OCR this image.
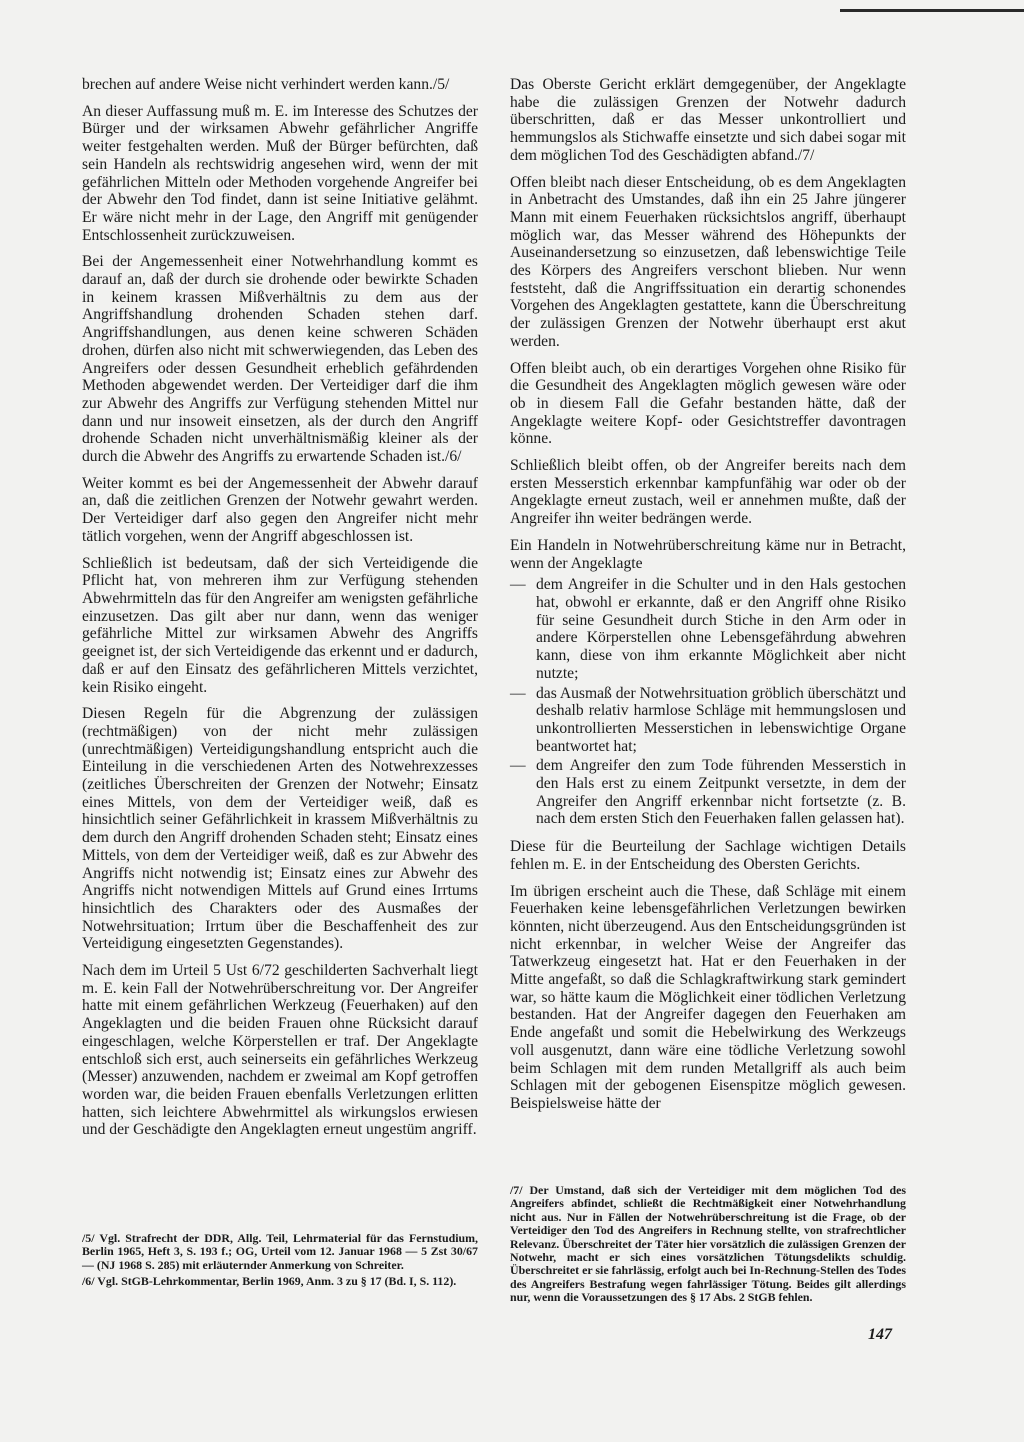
brechen auf andere Weise nicht verhindert werden kann./5/

An dieser Auffassung muß m. E. im Interesse des Schutzes der Bürger und der wirksamen Abwehr gefährlicher Angriffe weiter festgehalten werden. Muß der Bürger befürchten, daß sein Handeln als rechtswidrig angesehen wird, wenn der mit gefährlichen Mitteln oder Methoden vorgehende Angreifer bei der Abwehr den Tod findet, dann ist seine Initiative gelähmt. Er wäre nicht mehr in der Lage, den Angriff mit genügender Entschlossenheit zurückzuweisen.

Bei der Angemessenheit einer Notwehrhandlung kommt es darauf an, daß der durch sie drohende oder bewirkte Schaden in keinem krassen Mißverhältnis zu dem aus der Angriffshandlung drohenden Schaden stehen darf. Angriffshandlungen, aus denen keine schweren Schäden drohen, dürfen also nicht mit schwerwiegenden, das Leben des Angreifers oder dessen Gesundheit erheblich gefährdenden Methoden abgewendet werden. Der Verteidiger darf die ihm zur Abwehr des Angriffs zur Verfügung stehenden Mittel nur dann und nur insoweit einsetzen, als der durch den Angriff drohende Schaden nicht unverhältnismäßig kleiner als der durch die Abwehr des Angriffs zu erwartende Schaden ist./6/

Weiter kommt es bei der Angemessenheit der Abwehr darauf an, daß die zeitlichen Grenzen der Notwehr gewahrt werden. Der Verteidiger darf also gegen den Angreifer nicht mehr tätlich vorgehen, wenn der Angriff abgeschlossen ist.

Schließlich ist bedeutsam, daß der sich Verteidigende die Pflicht hat, von mehreren ihm zur Verfügung stehenden Abwehrmitteln das für den Angreifer am wenigsten gefährliche einzusetzen. Das gilt aber nur dann, wenn das weniger gefährliche Mittel zur wirksamen Abwehr des Angriffs geeignet ist, der sich Verteidigende das erkennt und er dadurch, daß er auf den Einsatz des gefährlicheren Mittels verzichtet, kein Risiko eingeht.

Diesen Regeln für die Abgrenzung der zulässigen (rechtmäßigen) von der nicht mehr zulässigen (unrechtmäßigen) Verteidigungshandlung entspricht auch die Einteilung in die verschiedenen Arten des Notwehrexzesses (zeitliches Überschreiten der Grenzen der Notwehr; Einsatz eines Mittels, von dem der Verteidiger weiß, daß es hinsichtlich seiner Gefährlichkeit in krassem Mißverhältnis zu dem durch den Angriff drohenden Schaden steht; Einsatz eines Mittels, von dem der Verteidiger weiß, daß es zur Abwehr des Angriffs nicht notwendig ist; Einsatz eines zur Abwehr des Angriffs nicht notwendigen Mittels auf Grund eines Irrtums hinsichtlich des Charakters oder des Ausmaßes der Notwehrsituation; Irrtum über die Beschaffenheit des zur Verteidigung eingesetzten Gegenstandes).

Nach dem im Urteil 5 Ust 6/72 geschilderten Sachverhalt liegt m. E. kein Fall der Notwehrüberschreitung vor. Der Angreifer hatte mit einem gefährlichen Werkzeug (Feuerhaken) auf den Angeklagten und die beiden Frauen ohne Rücksicht darauf eingeschlagen, welche Körperstellen er traf. Der Angeklagte entschloß sich erst, auch seinerseits ein gefährliches Werkzeug (Messer) anzuwenden, nachdem er zweimal am Kopf getroffen worden war, die beiden Frauen ebenfalls Verletzungen erlitten hatten, sich leichtere Abwehrmittel als wirkungslos erwiesen und der Geschädigte den Angeklagten erneut ungestüm angriff.

/5/ Vgl. Strafrecht der DDR, Allg. Teil, Lehrmaterial für das Fernstudium, Berlin 1965, Heft 3, S. 193 f.; OG, Urteil vom 12. Januar 1968 — 5 Zst 30/67 — (NJ 1968 S. 285) mit erläuternder Anmerkung von Schreiter.

/6/ Vgl. StGB-Lehrkommentar, Berlin 1969, Anm. 3 zu § 17 (Bd. I, S. 112).

Das Oberste Gericht erklärt demgegenüber, der Angeklagte habe die zulässigen Grenzen der Notwehr dadurch überschritten, daß er das Messer unkontrolliert und hemmungslos als Stichwaffe einsetzte und sich dabei sogar mit dem möglichen Tod des Geschädigten abfand./7/

Offen bleibt nach dieser Entscheidung, ob es dem Angeklagten in Anbetracht des Umstandes, daß ihn ein 25 Jahre jüngerer Mann mit einem Feuerhaken rücksichtslos angriff, überhaupt möglich war, das Messer während des Höhepunkts der Auseinandersetzung so einzusetzen, daß lebenswichtige Teile des Körpers des Angreifers verschont blieben. Nur wenn feststeht, daß die Angriffssituation ein derartig schonendes Vorgehen des Angeklagten gestattete, kann die Überschreitung der zulässigen Grenzen der Notwehr überhaupt erst akut werden.

Offen bleibt auch, ob ein derartiges Vorgehen ohne Risiko für die Gesundheit des Angeklagten möglich gewesen wäre oder ob in diesem Fall die Gefahr bestanden hätte, daß der Angeklagte weitere Kopf- oder Gesichtstreffer davontragen könne.

Schließlich bleibt offen, ob der Angreifer bereits nach dem ersten Messerstich erkennbar kampfunfähig war oder ob der Angeklagte erneut zustach, weil er annehmen mußte, daß der Angreifer ihn weiter bedrängen werde.

Ein Handeln in Notwehrüberschreitung käme nur in Betracht, wenn der Angeklagte

— dem Angreifer in die Schulter und in den Hals gestochen hat, obwohl er erkannte, daß er den Angriff ohne Risiko für seine Gesundheit durch Stiche in den Arm oder in andere Körperstellen ohne Lebensgefährdung abwehren kann, diese von ihm erkannte Möglichkeit aber nicht nutzte;
— das Ausmaß der Notwehrsituation gröblich überschätzt und deshalb relativ harmlose Schläge mit hemmungslosen und unkontrollierten Messerstichen in lebenswichtige Organe beantwortet hat;
— dem Angreifer den zum Tode führenden Messerstich in den Hals erst zu einem Zeitpunkt versetzte, in dem der Angreifer den Angriff erkennbar nicht fortsetzte (z. B. nach dem ersten Stich den Feuerhaken fallen gelassen hat).

Diese für die Beurteilung der Sachlage wichtigen Details fehlen m. E. in der Entscheidung des Obersten Gerichts.

Im übrigen erscheint auch die These, daß Schläge mit einem Feuerhaken keine lebensgefährlichen Verletzungen bewirken könnten, nicht überzeugend. Aus den Entscheidungsgründen ist nicht erkennbar, in welcher Weise der Angreifer das Tatwerkzeug eingesetzt hat. Hat er den Feuerhaken in der Mitte angefaßt, so daß die Schlagkraftwirkung stark gemindert war, so hätte kaum die Möglichkeit einer tödlichen Verletzung bestanden. Hat der Angreifer dagegen den Feuerhaken am Ende angefaßt und somit die Hebelwirkung des Werkzeugs voll ausgenutzt, dann wäre eine tödliche Verletzung sowohl beim Schlagen mit dem runden Metallgriff als auch beim Schlagen mit der gebogenen Eisenspitze möglich gewesen. Beispielsweise hätte der

/7/ Der Umstand, daß sich der Verteidiger mit dem möglichen Tod des Angreifers abfindet, schließt die Rechtmäßigkeit einer Notwehrhandlung nicht aus. Nur in Fällen der Notwehrüberschreitung ist die Frage, ob der Verteidiger den Tod des Angreifers in Rechnung stellte, von strafrechtlicher Relevanz. Überschreitet der Täter hier vorsätzlich die zulässigen Grenzen der Notwehr, macht er sich eines vorsätzlichen Tötungsdelikts schuldig. Überschreitet er sie fahrlässig, erfolgt auch bei In-Rechnung-Stellen des Todes des Angreifers Bestrafung wegen fahrlässiger Tötung. Beides gilt allerdings nur, wenn die Voraussetzungen des § 17 Abs. 2 StGB fehlen.

147
